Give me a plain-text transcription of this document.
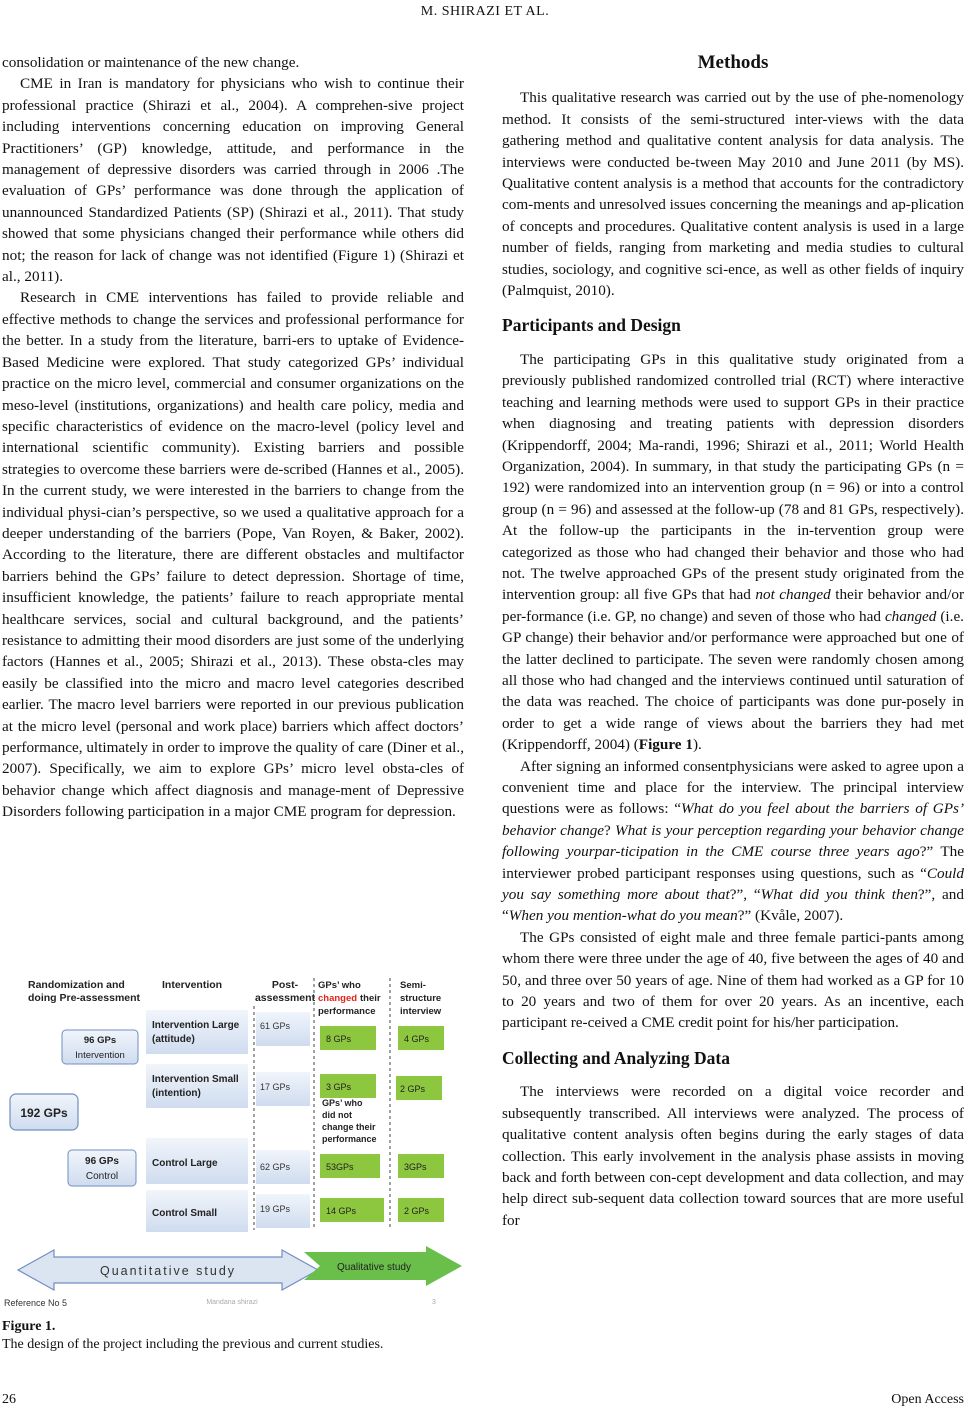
M. SHIRAZI ET AL.

consolidation or maintenance of the new change.

CME in Iran is mandatory for physicians who wish to continue their professional practice (Shirazi et al., 2004). A comprehen-sive project including interventions concerning education on improving General Practitioners’ (GP) knowledge, attitude, and performance in the management of depressive disorders was carried through in 2006 .The evaluation of GPs’ performance was done through the application of unannounced Standardized Patients (SP) (Shirazi et al., 2011). That study showed that some physicians changed their performance while others did not; the reason for lack of change was not identified (Figure 1) (Shirazi et al., 2011).

Research in CME interventions has failed to provide reliable and effective methods to change the services and professional performance for the better. In a study from the literature, barri-ers to uptake of Evidence-Based Medicine were explored. That study categorized GPs’ individual practice on the micro level, commercial and consumer organizations on the meso-level (institutions, organizations) and health care policy, media and specific characteristics of evidence on the macro-level (policy level and international scientific community). Existing barriers and possible strategies to overcome these barriers were de-scribed (Hannes et al., 2005). In the current study, we were interested in the barriers to change from the individual physi-cian’s perspective, so we used a qualitative approach for a deeper understanding of the barriers (Pope, Van Royen, & Baker, 2002). According to the literature, there are different obstacles and multifactor barriers behind the GPs’ failure to detect depression. Shortage of time, insufficient knowledge, the patients’ failure to reach appropriate mental healthcare services, social and cultural background, and the patients’ resistance to admitting their mood disorders are just some of the underlying factors (Hannes et al., 2005; Shirazi et al., 2013). These obsta-cles may easily be classified into the micro and macro level categories described earlier. The macro level barriers were reported in our previous publication at the micro level (personal and work place) barriers which affect doctors’ performance, ultimately in order to improve the quality of care (Diner et al., 2007). Specifically, we aim to explore GPs’ micro level obsta-cles of behavior change which affect diagnosis and manage-ment of Depressive Disorders following participation in a major CME program for depression.

Randomization and
doing Pre-assessment
Intervention	Post-
assessment
GPs’ who
changed their
performance
Semi-
structure
interview
192 GPs
96 GPs
Intervention
96 GPs
Control
Intervention Large
(attitude)
Intervention Small
(intention)
Control Large
Control Small
61 GPs
17 GPs
62 GPs
19 GPs
GPs’ who
did not
change their
performance
8 GPs
3 GPs
53GPs
14 GPs
4 GPs
2 GPs
3GPs
2 GPs
Quantitative study	Qualitative study
Reference No 5	Mandana shirazi	3
Figure 1.
The design of the project including the previous and current studies.
Methods

This qualitative research was carried out by the use of phe-nomenology method. It consists of the semi-structured inter-views with the data gathering method and qualitative content analysis for data analysis. The interviews were conducted be-tween May 2010 and June 2011 (by MS). Qualitative content analysis is a method that accounts for the contradictory com-ments and unresolved issues concerning the meanings and ap-plication of concepts and procedures. Qualitative content analysis is used in a large number of fields, ranging from marketing and media studies to cultural studies, sociology, and cognitive sci-ence, as well as other fields of inquiry (Palmquist, 2010).

Participants and Design

The participating GPs in this qualitative study originated from a previously published randomized controlled trial (RCT) where interactive teaching and learning methods were used to support GPs in their practice when diagnosing and treating patients with depression disorders (Krippendorff, 2004; Ma-randi, 1996; Shirazi et al., 2011; World Health Organization, 2004). In summary, in that study the participating GPs (n = 192) were randomized into an intervention group (n = 96) or into a control group (n = 96) and assessed at the follow-up (78 and 81 GPs, respectively). At the follow-up the participants in the in-tervention group were categorized as those who had changed their behavior and those who had not. The twelve approached GPs of the present study originated from the intervention group: all five GPs that had not changed their behavior and/or per-formance (i.e. GP, no change) and seven of those who had changed (i.e. GP change) their behavior and/or performance were approached but one of the latter declined to participate. The seven were randomly chosen among all those who had changed and the interviews continued until saturation of the data was reached. The choice of participants was done pur-posely in order to get a wide range of views about the barriers they had met (Krippendorff, 2004) (Figure 1).

After signing an informed consentphysicians were asked to agree upon a convenient time and place for the interview. The principal interview questions were as follows: “What do you feel about the barriers of GPs’ behavior change? What is your perception regarding your behavior change following yourpar-ticipation in the CME course three years ago?” The interviewer probed participant responses using questions, such as “Could you say something more about that?”, “What did you think then?”, and “When you mention-what do you mean?” (Kvåle, 2007).

The GPs consisted of eight male and three female partici-pants among whom there were three under the age of 40, five between the ages of 40 and 50, and three over 50 years of age. Nine of them had worked as a GP for 10 to 20 years and two of them for over 20 years. As an incentive, each participant re-ceived a CME credit point for his/her participation.

Collecting and Analyzing Data

The interviews were recorded on a digital voice recorder and subsequently transcribed. All interviews were analyzed. The process of qualitative content analysis often begins during the early stages of data collection. This early involvement in the analysis phase assists in moving back and forth between con-cept development and data collection, and may help direct sub-sequent data collection toward sources that are more useful for

26	Open Access
